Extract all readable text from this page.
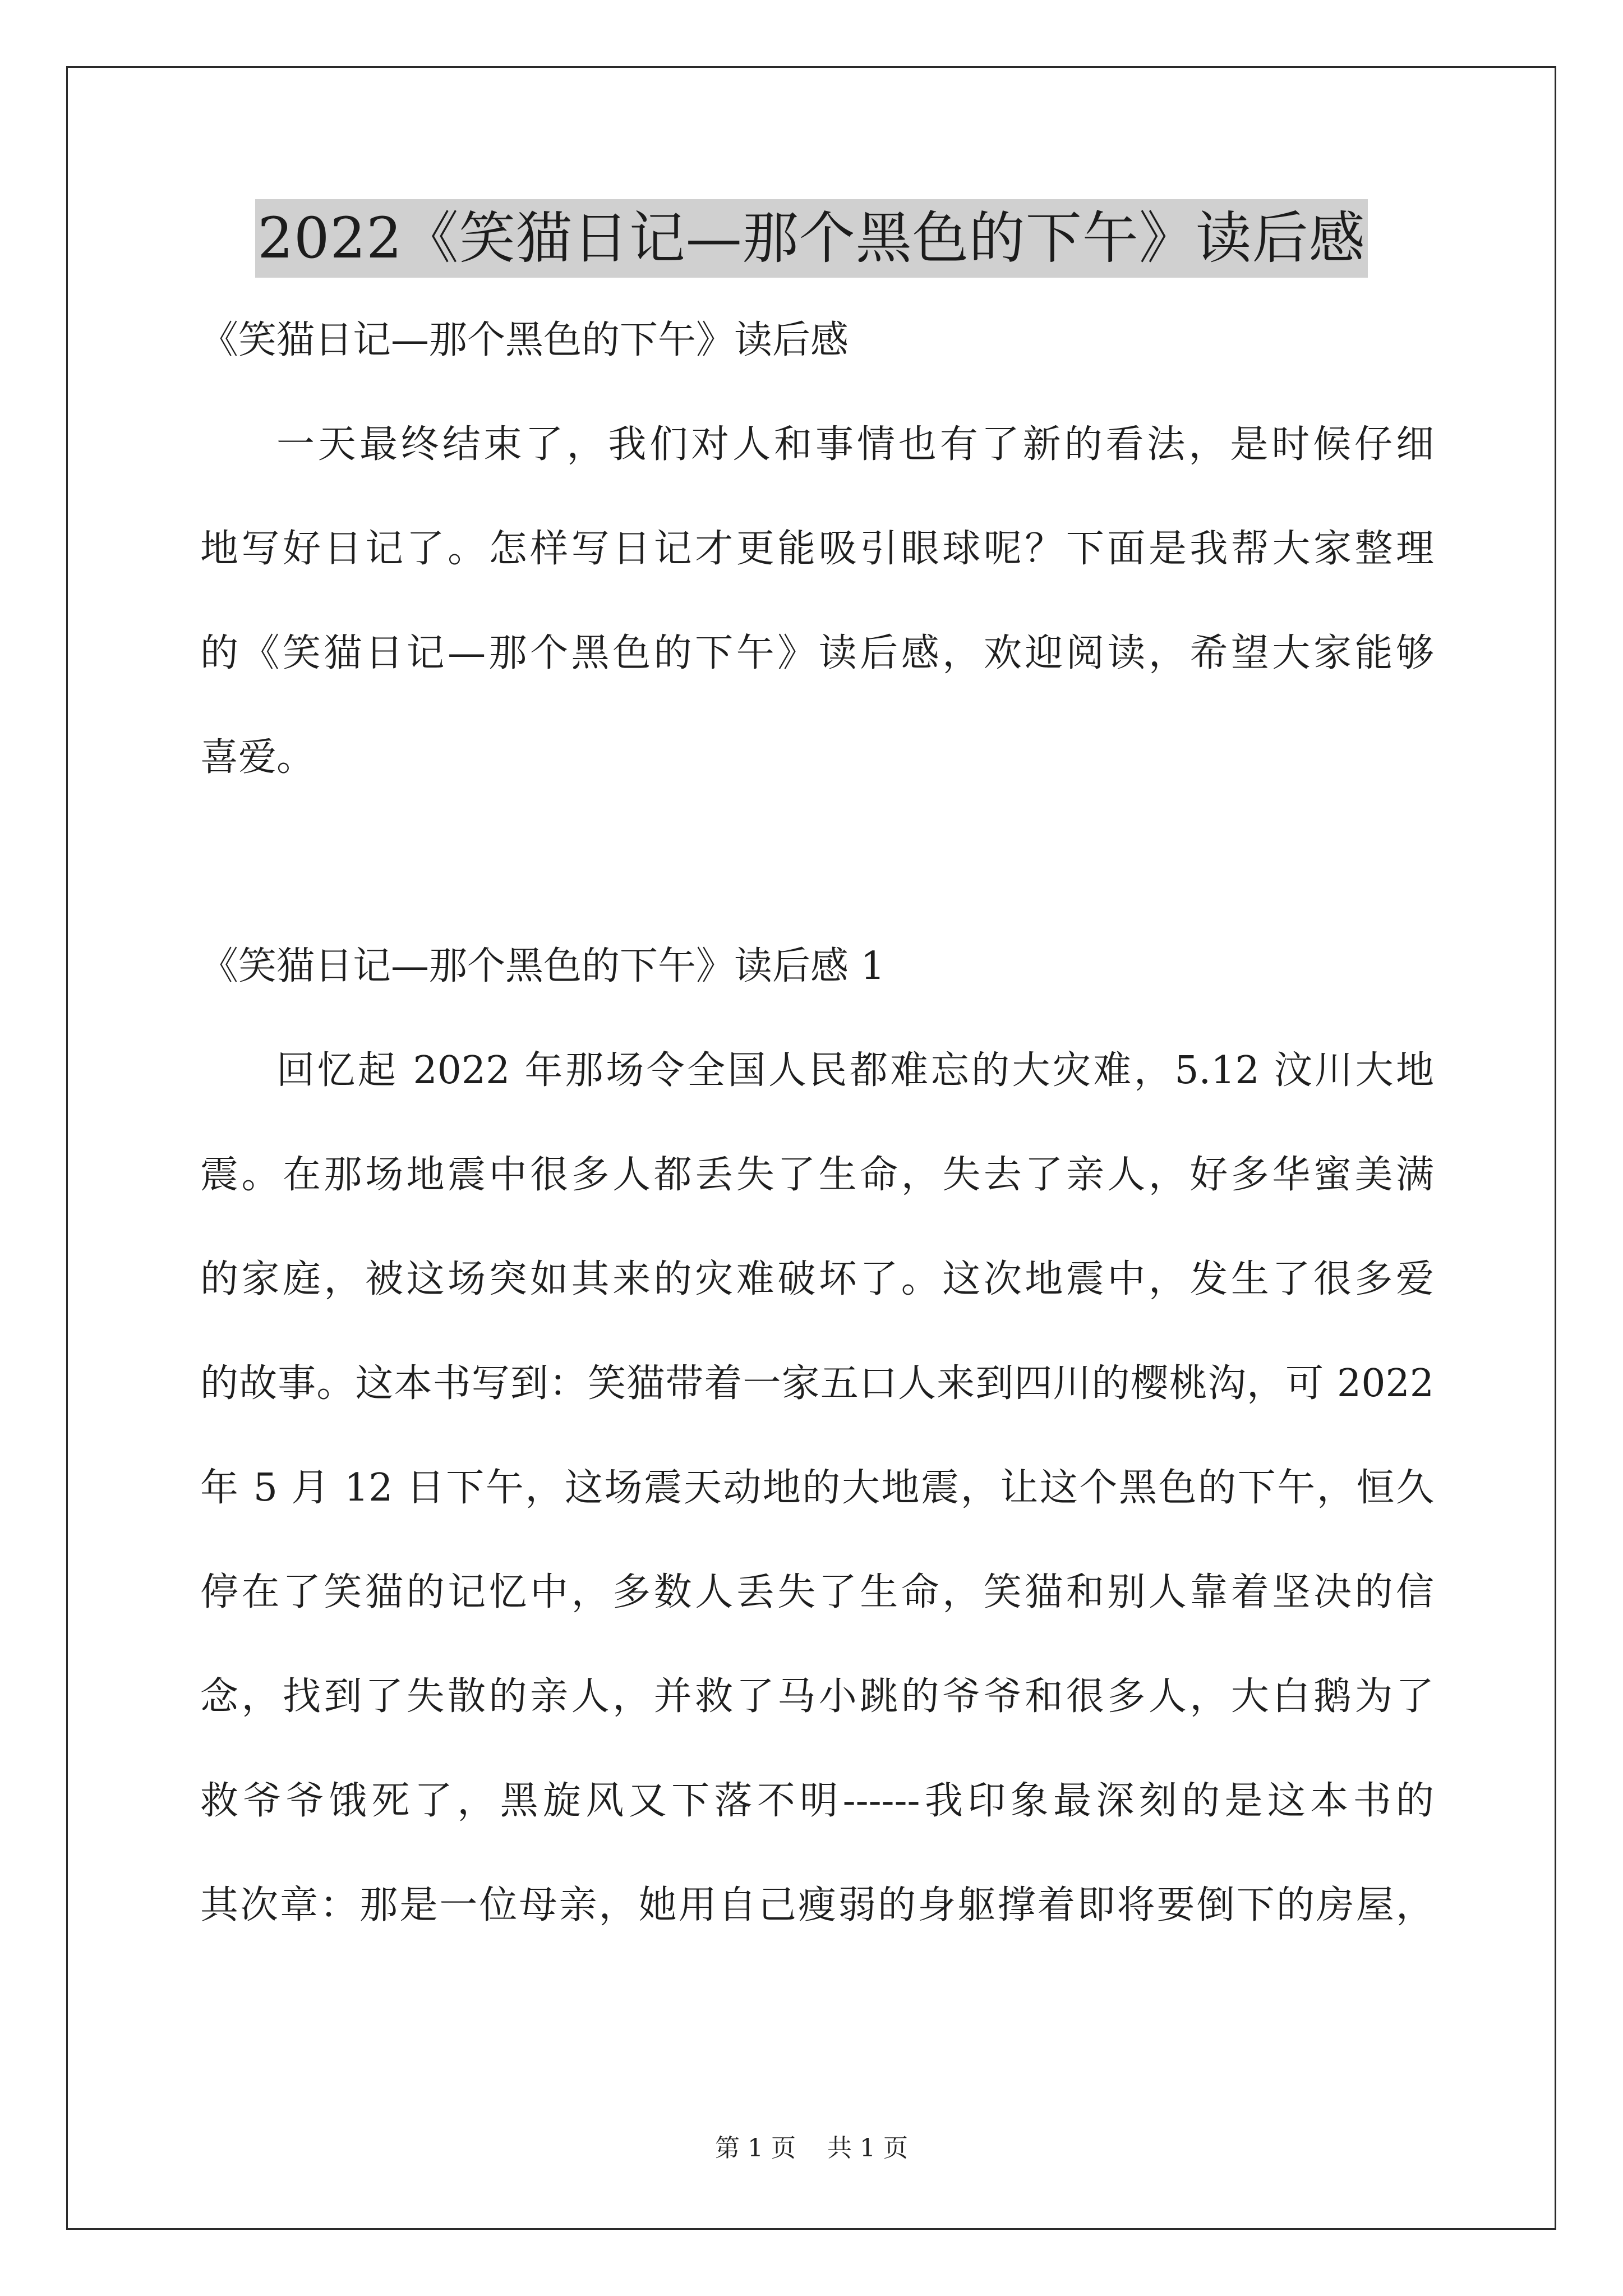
2022《笑猫日记—那个黑色的下午》读后感
《笑猫日记—那个黑色的下午》读后感
一天最终结束了，我们对人和事情也有了新的看法，是时候仔细
地写好日记了。怎样写日记才更能吸引眼球呢？下面是我帮大家整理
的《笑猫日记—那个黑色的下午》读后感，欢迎阅读，希望大家能够
喜爱。
《笑猫日记—那个黑色的下午》读后感 1
回忆起 2022 年那场令全国人民都难忘的大灾难，5.12 汶川大地
震。在那场地震中很多人都丢失了生命，失去了亲人，好多华蜜美满
的家庭，被这场突如其来的灾难破坏了。这次地震中，发生了很多爱
的故事。这本书写到：笑猫带着一家五口人来到四川的樱桃沟，可 2022
年 5 月 12 日下午，这场震天动地的大地震，让这个黑色的下午，恒久
停在了笑猫的记忆中，多数人丢失了生命，笑猫和别人靠着坚决的信
念，找到了失散的亲人，并救了马小跳的爷爷和很多人，大白鹅为了
救爷爷饿死了，黑旋风又下落不明------我印象最深刻的是这本书的
其次章：那是一位母亲，她用自己瘦弱的身躯撑着即将要倒下的房屋，
第 1 页 共 1 页
